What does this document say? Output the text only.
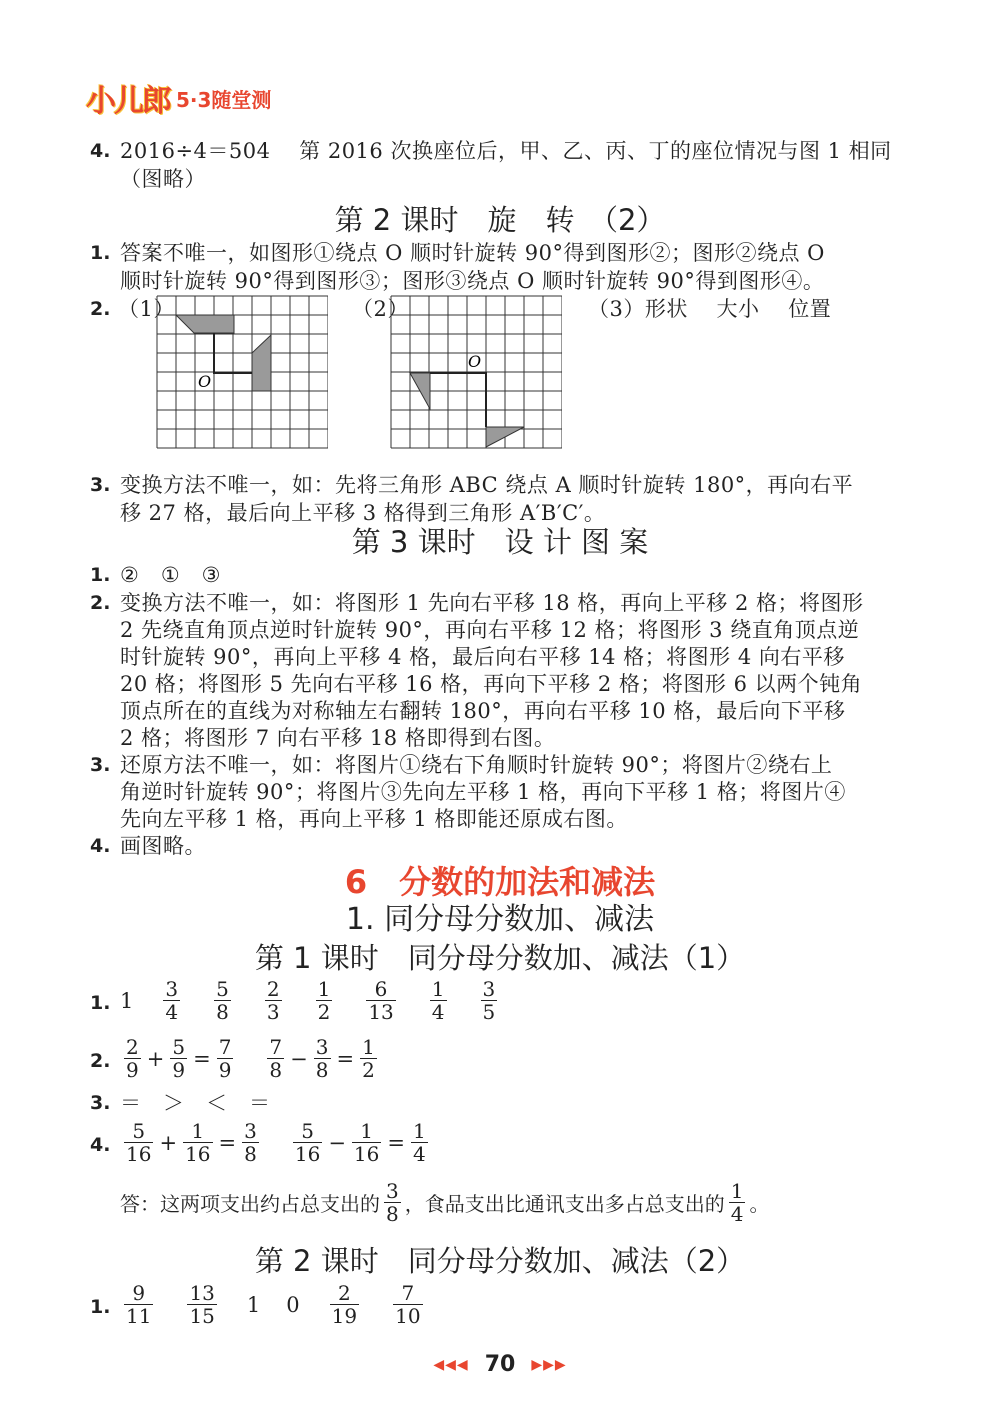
小儿郎 5·3随堂测
4. 2016÷4＝504　 第 2016 次换座位后，甲、乙、丙、丁的座位情况与图 1 相同
（图略）
第 2 课时　旋　转　（2）
1. 答案不唯一，如图形①绕点 O 顺时针旋转 90°得到图形②；图形②绕点 O
顺时针旋转 90°得到图形③；图形③绕点 O 顺时针旋转 90°得到图形④。
2. （1）	（2）	（3）形状　 大小　 位置
O
O
3. 变换方法不唯一，如：先将三角形 ABC 绕点 A 顺时针旋转 180°，再向右平
移 27 格，最后向上平移 3 格得到三角形 A′B′C′。
第 3 课时　设 计 图 案
1. ②　①　③
2. 变换方法不唯一，如：将图形 1 先向右平移 18 格，再向上平移 2 格；将图形
2 先绕直角顶点逆时针旋转 90°，再向右平移 12 格；将图形 3 绕直角顶点逆
时针旋转 90°，再向上平移 4 格，最后向右平移 14 格；将图形 4 向右平移
20 格；将图形 5 先向右平移 16 格，再向下平移 2 格；将图形 6 以两个钝角
顶点所在的直线为对称轴左右翻转 180°，再向右平移 10 格，最后向下平移
2 格；将图形 7 向右平移 18 格即得到右图。
3. 还原方法不唯一，如：将图片①绕右下角顺时针旋转 90°；将图片②绕右上
角逆时针旋转 90°；将图片③先向左平移 1 格，再向下平移 1 格；将图片④
先向左平移 1 格，再向上平移 1 格即能还原成右图。
4. 画图略。
6　分数的加法和减法
1. 同分母分数加、减法
第 1 课时　同分母分数加、减法（1）
1. $1 \frac{3}{4} \frac{5}{8} \frac{2}{3} \frac{1}{2} \frac{6}{13} \frac{1}{4} \frac{3}{5}$
2. $\frac{2}{9} + \frac{5}{9} = \frac{7}{9} \frac{7}{8} - \frac{3}{8} = \frac{1}{2}$
3. ＝　＞　＜　＝
4. $\frac{5}{16} + \frac{1}{16} = \frac{3}{8} \frac{5}{16} - \frac{1}{16} = \frac{1}{4}$
答：这两项支出约占总支出的 $\frac{3}{8}$ ，食品支出比通讯支出多占总支出的 $\frac{1}{4}$ 。
第 2 课时　同分母分数加、减法（2）
1. $\frac{9}{11} \frac{13}{15} 1$ $0 \frac{2}{19} \frac{7}{10}$
◀◀◀ 70 ▶▶▶
